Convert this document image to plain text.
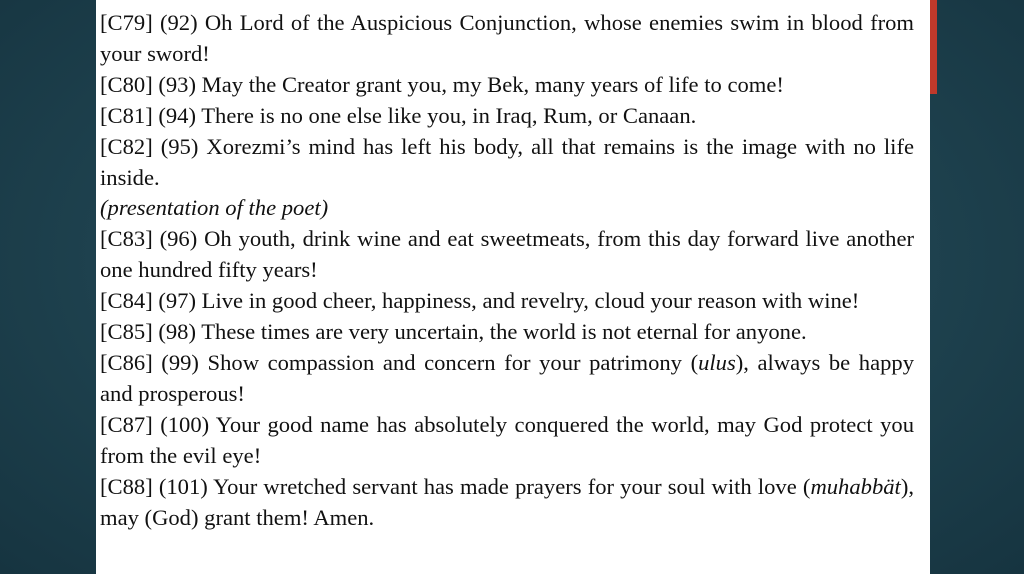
[C79] (92) Oh Lord of the Auspicious Conjunction, whose enemies swim in blood from your sword!

[C80] (93) May the Creator grant you, my Bek, many years of life to come!

[C81] (94) There is no one else like you, in Iraq, Rum, or Canaan.

[C82] (95) Xorezmi’s mind has left his body, all that remains is the image with no life inside.

(presentation of the poet)

[C83] (96) Oh youth, drink wine and eat sweetmeats, from this day forward live another one hundred fifty years!

[C84] (97) Live in good cheer, happiness, and revelry, cloud your reason with wine!

[C85] (98) These times are very uncertain, the world is not eternal for anyone.

[C86] (99) Show compassion and concern for your patrimony (ulus), always be happy and prosperous!

[C87] (100) Your good name has absolutely conquered the world, may God protect you from the evil eye!

[C88] (101) Your wretched servant has made prayers for your soul with love (muhabbät), may (God) grant them! Amen.
